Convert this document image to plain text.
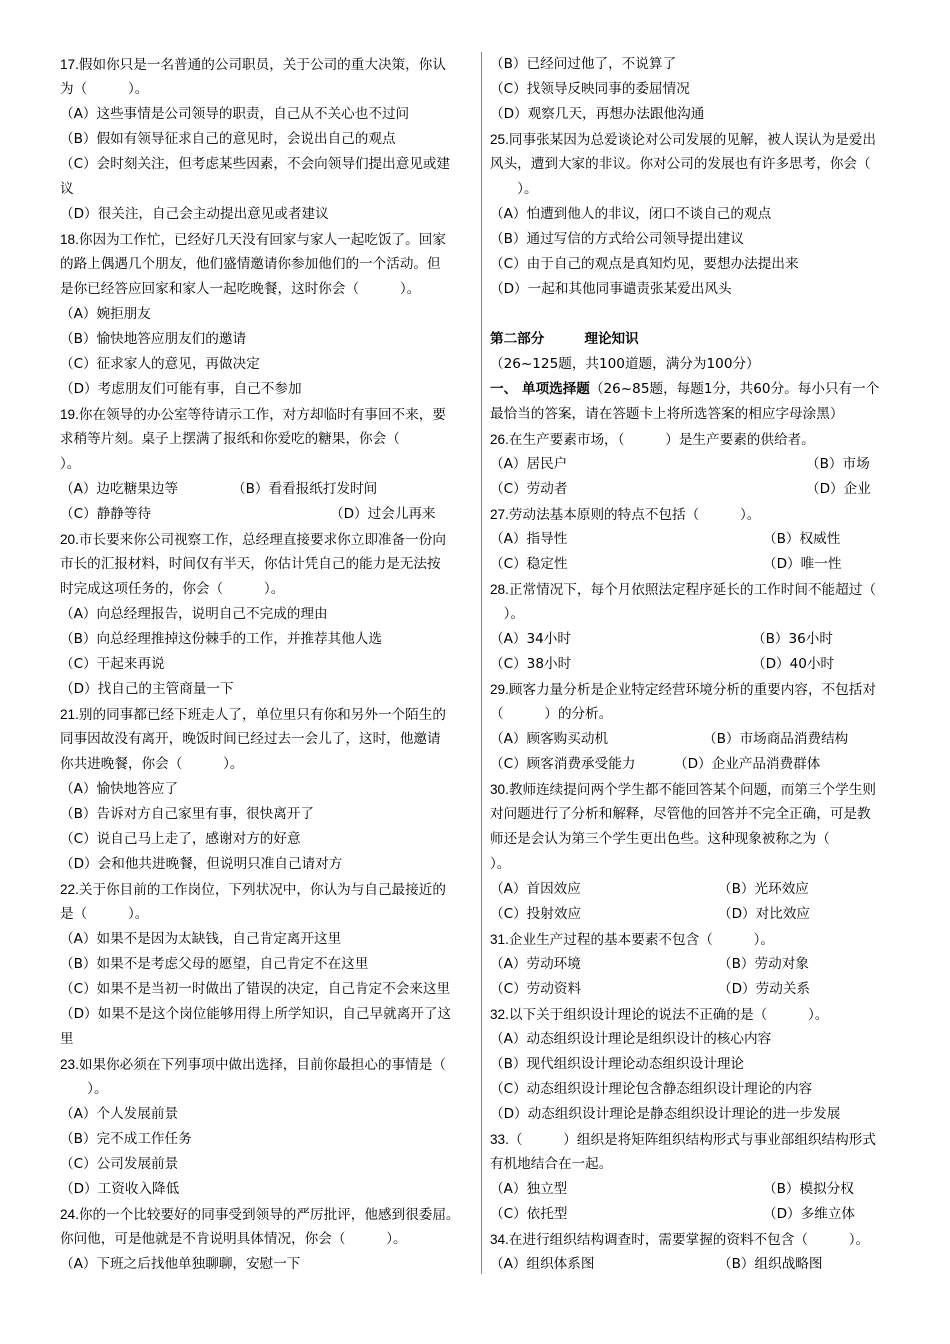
17.假如你只是一名普通的公司职员，关于公司的重大决策，你认
为（　　　）。
（A）这些事情是公司领导的职责，自己从不关心也不过问
（B）假如有领导征求自己的意见时，会说出自己的观点
（C）会时刻关注，但考虑某些因素，不会向领导们提出意见或建
议
（D）很关注，自己会主动提出意见或者建议
18.你因为工作忙，已经好几天没有回家与家人一起吃饭了。回家
的路上偶遇几个朋友，他们盛情邀请你参加他们的一个活动。但
是你已经答应回家和家人一起吃晚餐，这时你会（　　　）。
（A）婉拒朋友
（B）愉快地答应朋友们的邀请
（C）征求家人的意见，再做决定
（D）考虑朋友们可能有事，自己不参加
19.你在领导的办公室等待请示工作，对方却临时有事回不来，要
求稍等片刻。桌子上摆满了报纸和你爱吃的糖果，你会（
）。
（A）边吃糖果边等	（B）看看报纸打发时间
（C）静静等待	（D）过会儿再来
20.市长要来你公司视察工作，总经理直接要求你立即准备一份向
市长的汇报材料，时间仅有半天，你估计凭自己的能力是无法按
时完成这项任务的，你会（　　　）。
（A）向总经理报告，说明自己不完成的理由
（B）向总经理推掉这份棘手的工作，并推荐其他人选
（C）干起来再说
（D）找自己的主管商量一下
21.别的同事都已经下班走人了，单位里只有你和另外一个陌生的
同事因故没有离开，晚饭时间已经过去一会儿了，这时，他邀请
你共进晚餐，你会（　　　）。
（A）愉快地答应了
（B）告诉对方自己家里有事，很快离开了
（C）说自己马上走了，感谢对方的好意
（D）会和他共进晚餐，但说明只准自己请对方
22.关于你目前的工作岗位，下列状况中，你认为与自己最接近的
是（　　　）。
（A）如果不是因为太缺钱，自己肯定离开这里
（B）如果不是考虑父母的愿望，自己肯定不在这里
（C）如果不是当初一时做出了错误的决定，自己肯定不会来这里
（D）如果不是这个岗位能够用得上所学知识，自己早就离开了这
里
23.如果你必须在下列事项中做出选择，目前你最担心的事情是（
　　）。
（A）个人发展前景
（B）完不成工作任务
（C）公司发展前景
（D）工资收入降低
24.你的一个比较要好的同事受到领导的严厉批评，他感到很委屈。
你问他，可是他就是不肯说明具体情况，你会（　　　）。
（A）下班之后找他单独聊聊，安慰一下
（B）已经问过他了，不说算了
（C）找领导反映同事的委屈情况
（D）观察几天，再想办法跟他沟通
25.同事张某因为总爱谈论对公司发展的见解，被人误认为是爱出
风头，遭到大家的非议。你对公司的发展也有许多思考，你会（
　　）。
（A）怕遭到他人的非议，闭口不谈自己的观点
（B）通过写信的方式给公司领导提出建议
（C）由于自己的观点是真知灼见，要想办法提出来
（D）一起和其他同事谴责张某爱出风头
第二部分	理论知识
（26~125题，共100道题，满分为100分）
一、 单项选择题（26~85题，每题1分，共60分。每小只有一个
最恰当的答案，请在答题卡上将所选答案的相应字母涂黑）
26.在生产要素市场，（　　　）是生产要素的供给者。
（A）居民户	（B）市场
（C）劳动者	（D）企业
27.劳动法基本原则的特点不包括（　　　）。
（A）指导性	（B）权威性
（C）稳定性	（D）唯一性
28.正常情况下，每个月依照法定程序延长的工作时间不能超过（
　）。
（A）34小时	（B）36小时
（C）38小时	（D）40小时
29.顾客力量分析是企业特定经营环境分析的重要内容，不包括对
（　　　）的分析。
（A）顾客购买动机	（B）市场商品消费结构
（C）顾客消费承受能力	（D）企业产品消费群体
30.教师连续提问两个学生都不能回答某个问题，而第三个学生则
对问题进行了分析和解释，尽管他的回答并不完全正确，可是教
师还是会认为第三个学生更出色些。这种现象被称之为（
）。
（A）首因效应	（B）光环效应
（C）投射效应	（D）对比效应
31.企业生产过程的基本要素不包含（　　　）。
（A）劳动环境	（B）劳动对象
（C）劳动资料	（D）劳动关系
32.以下关于组织设计理论的说法不正确的是（　　　）。
（A）动态组织设计理论是组织设计的核心内容
（B）现代组织设计理论动态组织设计理论
（C）动态组织设计理论包含静态组织设计理论的内容
（D）动态组织设计理论是静态组织设计理论的进一步发展
33.（　　　）组织是将矩阵组织结构形式与事业部组织结构形式
有机地结合在一起。
（A）独立型	（B）模拟分权
（C）依托型	（D）多维立体
34.在进行组织结构调查时，需要掌握的资料不包含（　　　）。
（A）组织体系图	（B）组织战略图
